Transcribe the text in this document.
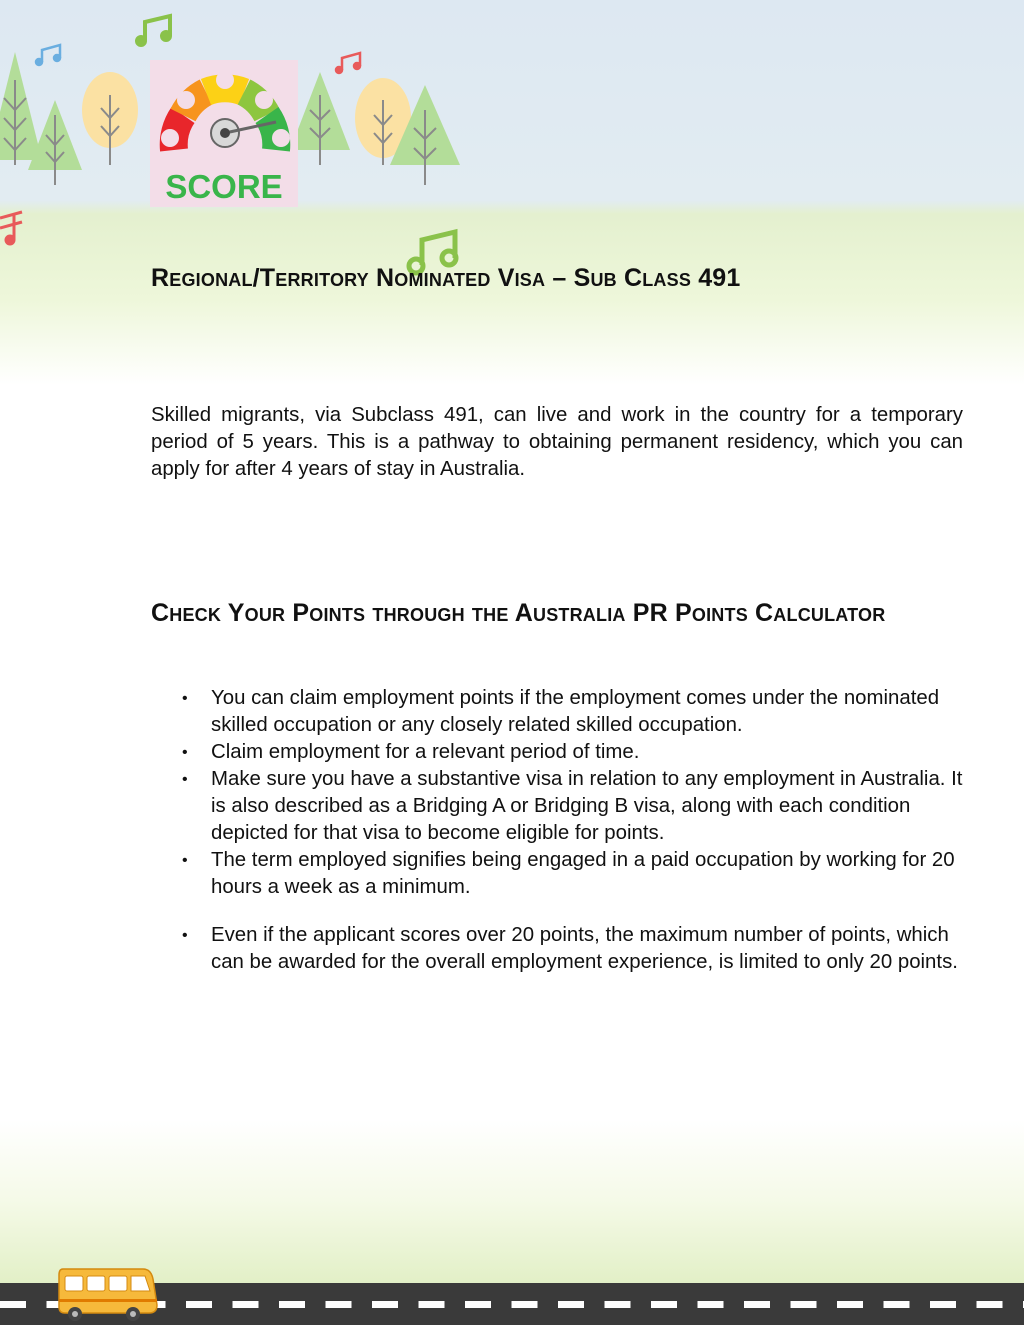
SCORE
Regional/Territory Nominated Visa – Sub Class 491

Skilled migrants, via Subclass 491, can live and work in the country for a temporary period of 5 years. This is a pathway to obtaining permanent residency, which you can apply for after 4 years of stay in Australia.

Check Your Points through the Australia PR Points Calculator
• You can claim employment points if the employment comes under the nominated skilled occupation or any closely related skilled occupation.
• Claim employment for a relevant period of time.
• Make sure you have a substantive visa in relation to any employment in Australia. It is also described as a Bridging A or Bridging B visa, along with each condition depicted for that visa to become eligible for points.
• The term employed signifies being engaged in a paid occupation by working for 20 hours a week as a minimum.
• Even if the applicant scores over 20 points, the maximum number of points, which can be awarded for the overall employment experience, is limited to only 20 points.
